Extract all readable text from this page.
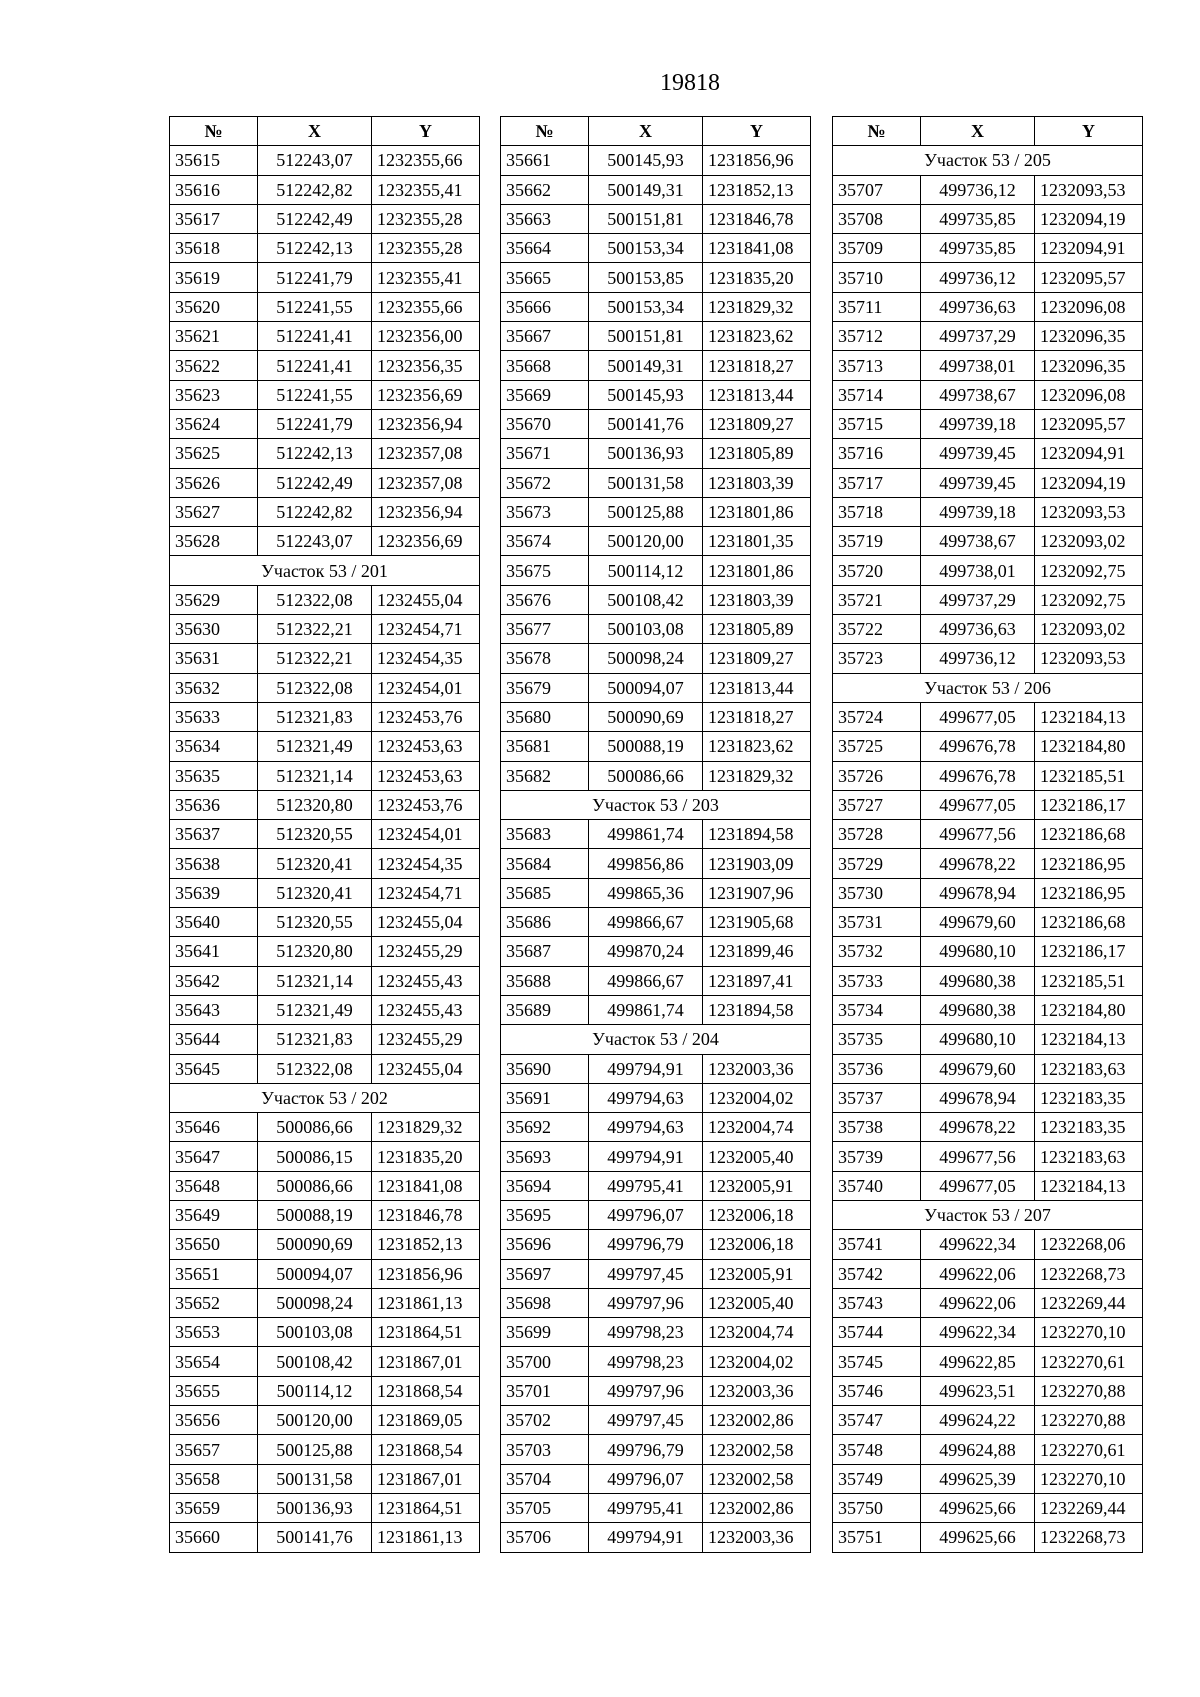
19818
№	X	Y
35615	512243,07	1232355,66
35616	512242,82	1232355,41
35617	512242,49	1232355,28
35618	512242,13	1232355,28
35619	512241,79	1232355,41
35620	512241,55	1232355,66
35621	512241,41	1232356,00
35622	512241,41	1232356,35
35623	512241,55	1232356,69
35624	512241,79	1232356,94
35625	512242,13	1232357,08
35626	512242,49	1232357,08
35627	512242,82	1232356,94
35628	512243,07	1232356,69
Участок 53 / 201		
35629	512322,08	1232455,04
35630	512322,21	1232454,71
35631	512322,21	1232454,35
35632	512322,08	1232454,01
35633	512321,83	1232453,76
35634	512321,49	1232453,63
35635	512321,14	1232453,63
35636	512320,80	1232453,76
35637	512320,55	1232454,01
35638	512320,41	1232454,35
35639	512320,41	1232454,71
35640	512320,55	1232455,04
35641	512320,80	1232455,29
35642	512321,14	1232455,43
35643	512321,49	1232455,43
35644	512321,83	1232455,29
35645	512322,08	1232455,04
Участок 53 / 202		
35646	500086,66	1231829,32
35647	500086,15	1231835,20
35648	500086,66	1231841,08
35649	500088,19	1231846,78
35650	500090,69	1231852,13
35651	500094,07	1231856,96
35652	500098,24	1231861,13
35653	500103,08	1231864,51
35654	500108,42	1231867,01
35655	500114,12	1231868,54
35656	500120,00	1231869,05
35657	500125,88	1231868,54
35658	500131,58	1231867,01
35659	500136,93	1231864,51
35660	500141,76	1231861,13
№	X	Y
35661	500145,93	1231856,96
35662	500149,31	1231852,13
35663	500151,81	1231846,78
35664	500153,34	1231841,08
35665	500153,85	1231835,20
35666	500153,34	1231829,32
35667	500151,81	1231823,62
35668	500149,31	1231818,27
35669	500145,93	1231813,44
35670	500141,76	1231809,27
35671	500136,93	1231805,89
35672	500131,58	1231803,39
35673	500125,88	1231801,86
35674	500120,00	1231801,35
35675	500114,12	1231801,86
35676	500108,42	1231803,39
35677	500103,08	1231805,89
35678	500098,24	1231809,27
35679	500094,07	1231813,44
35680	500090,69	1231818,27
35681	500088,19	1231823,62
35682	500086,66	1231829,32
Участок 53 / 203		
35683	499861,74	1231894,58
35684	499856,86	1231903,09
35685	499865,36	1231907,96
35686	499866,67	1231905,68
35687	499870,24	1231899,46
35688	499866,67	1231897,41
35689	499861,74	1231894,58
Участок 53 / 204		
35690	499794,91	1232003,36
35691	499794,63	1232004,02
35692	499794,63	1232004,74
35693	499794,91	1232005,40
35694	499795,41	1232005,91
35695	499796,07	1232006,18
35696	499796,79	1232006,18
35697	499797,45	1232005,91
35698	499797,96	1232005,40
35699	499798,23	1232004,74
35700	499798,23	1232004,02
35701	499797,96	1232003,36
35702	499797,45	1232002,86
35703	499796,79	1232002,58
35704	499796,07	1232002,58
35705	499795,41	1232002,86
35706	499794,91	1232003,36
№	X	Y
Участок 53 / 205		
35707	499736,12	1232093,53
35708	499735,85	1232094,19
35709	499735,85	1232094,91
35710	499736,12	1232095,57
35711	499736,63	1232096,08
35712	499737,29	1232096,35
35713	499738,01	1232096,35
35714	499738,67	1232096,08
35715	499739,18	1232095,57
35716	499739,45	1232094,91
35717	499739,45	1232094,19
35718	499739,18	1232093,53
35719	499738,67	1232093,02
35720	499738,01	1232092,75
35721	499737,29	1232092,75
35722	499736,63	1232093,02
35723	499736,12	1232093,53
Участок 53 / 206		
35724	499677,05	1232184,13
35725	499676,78	1232184,80
35726	499676,78	1232185,51
35727	499677,05	1232186,17
35728	499677,56	1232186,68
35729	499678,22	1232186,95
35730	499678,94	1232186,95
35731	499679,60	1232186,68
35732	499680,10	1232186,17
35733	499680,38	1232185,51
35734	499680,38	1232184,80
35735	499680,10	1232184,13
35736	499679,60	1232183,63
35737	499678,94	1232183,35
35738	499678,22	1232183,35
35739	499677,56	1232183,63
35740	499677,05	1232184,13
Участок 53 / 207		
35741	499622,34	1232268,06
35742	499622,06	1232268,73
35743	499622,06	1232269,44
35744	499622,34	1232270,10
35745	499622,85	1232270,61
35746	499623,51	1232270,88
35747	499624,22	1232270,88
35748	499624,88	1232270,61
35749	499625,39	1232270,10
35750	499625,66	1232269,44
35751	499625,66	1232268,73
